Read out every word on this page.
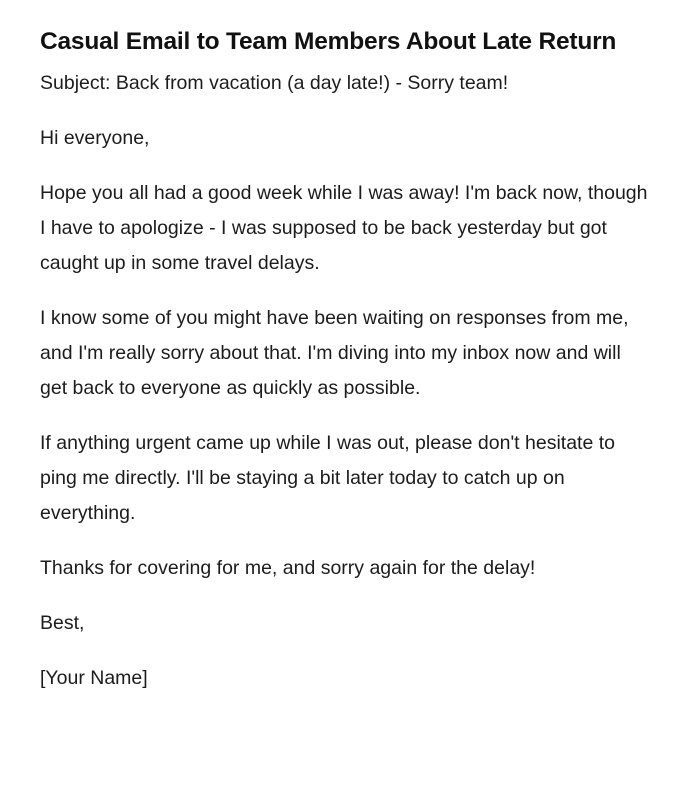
Casual Email to Team Members About Late Return

Subject: Back from vacation (a day late!) - Sorry team!

Hi everyone,

Hope you all had a good week while I was away! I'm back now, though I have to apologize - I was supposed to be back yesterday but got caught up in some travel delays.

I know some of you might have been waiting on responses from me, and I'm really sorry about that. I'm diving into my inbox now and will get back to everyone as quickly as possible.

If anything urgent came up while I was out, please don't hesitate to ping me directly. I'll be staying a bit later today to catch up on everything.

Thanks for covering for me, and sorry again for the delay!

Best,

[Your Name]
